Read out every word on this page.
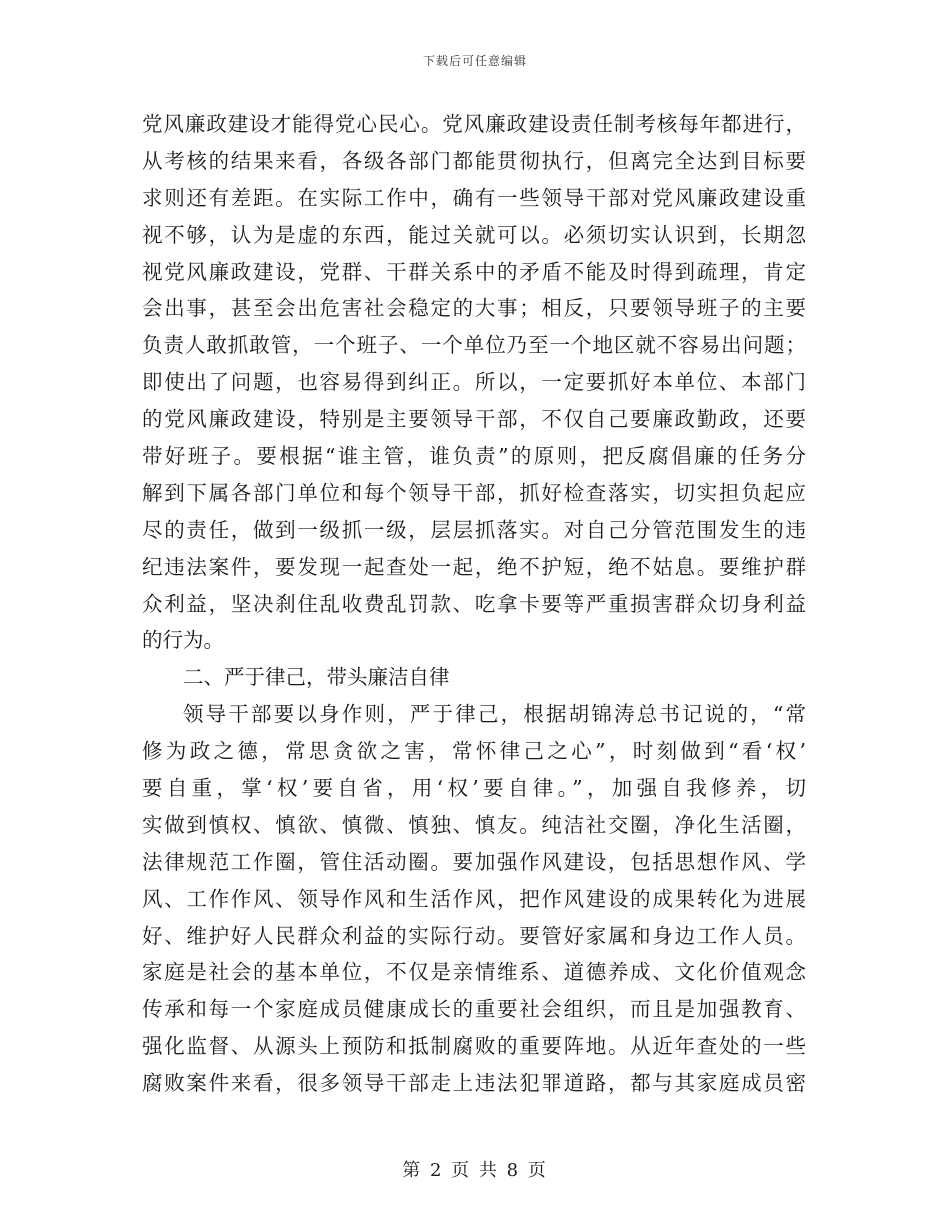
下载后可任意编辑
党风廉政建设才能得党心民心。党风廉政建设责任制考核每年都进行，
从考核的结果来看，各级各部门都能贯彻执行，但离完全达到目标要
求则还有差距。在实际工作中，确有一些领导干部对党风廉政建设重
视不够，认为是虚的东西，能过关就可以。必须切实认识到，长期忽
视党风廉政建设，党群、干群关系中的矛盾不能及时得到疏理，肯定
会出事，甚至会出危害社会稳定的大事；相反，只要领导班子的主要
负责人敢抓敢管，一个班子、一个单位乃至一个地区就不容易出问题；
即使出了问题，也容易得到纠正。所以，一定要抓好本单位、本部门
的党风廉政建设，特别是主要领导干部，不仅自己要廉政勤政，还要
带好班子。要根据“谁主管，谁负责”的原则，把反腐倡廉的任务分
解到下属各部门单位和每个领导干部，抓好检查落实，切实担负起应
尽的责任，做到一级抓一级，层层抓落实。对自己分管范围发生的违
纪违法案件，要发现一起查处一起，绝不护短，绝不姑息。要维护群
众利益，坚决刹住乱收费乱罚款、吃拿卡要等严重损害群众切身利益
的行为。
二、严于律己，带头廉洁自律
领导干部要以身作则，严于律己，根据胡锦涛总书记说的，“常
修为政之德，常思贪欲之害，常怀律己之心”，时刻做到“看‘权’
要自重，掌‘权’要自省，用‘权’要自律。”，加强自我修养，切
实做到慎权、慎欲、慎微、慎独、慎友。纯洁社交圈，净化生活圈，
法律规范工作圈，管住活动圈。要加强作风建设，包括思想作风、学
风、工作作风、领导作风和生活作风，把作风建设的成果转化为进展
好、维护好人民群众利益的实际行动。要管好家属和身边工作人员。
家庭是社会的基本单位，不仅是亲情维系、道德养成、文化价值观念
传承和每一个家庭成员健康成长的重要社会组织，而且是加强教育、
强化监督、从源头上预防和抵制腐败的重要阵地。从近年查处的一些
腐败案件来看，很多领导干部走上违法犯罪道路，都与其家庭成员密
第 2 页 共 8 页
